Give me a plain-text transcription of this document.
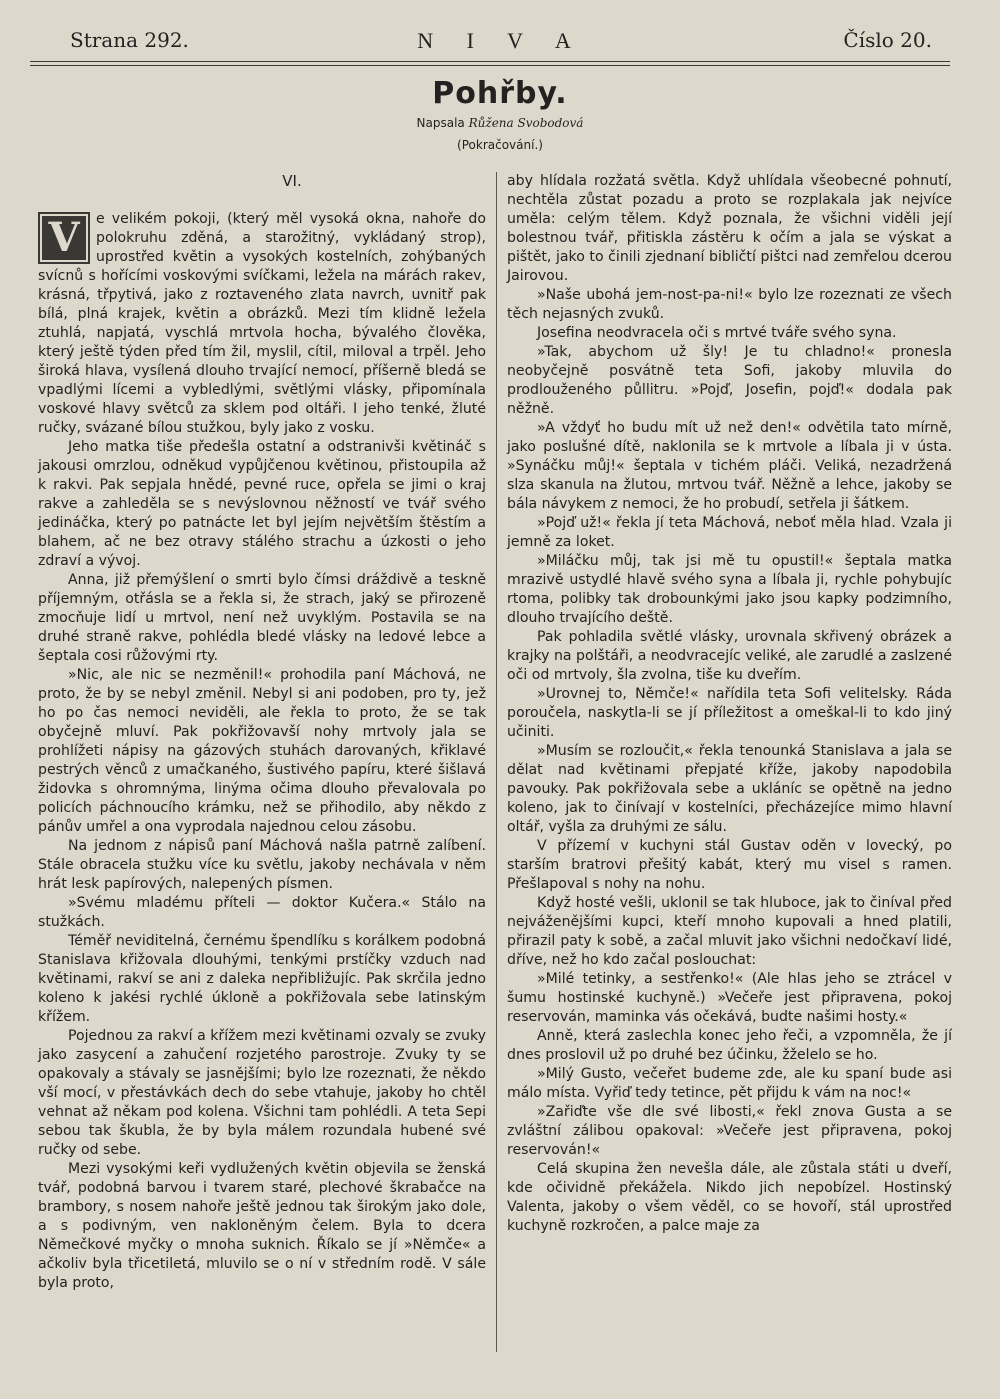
Strana 292.	N I V A	Číslo 20.
Pohřby.
Napsala Růžena Svobodová
(Pokračování.)
VI.

V	e velikém pokoji, (který měl vysoká okna, nahoře do polokruhu zděná, a starožitný, vykládaný strop), uprostřed květin a vysokých kostelních, zohýbaných svícnů s hořícími voskovými svíčkami, ležela na márách rakev, krásná, třpytivá, jako z roztaveného zlata navrch, uvnitř pak bílá, plná krajek, květin a obrázků. Mezi tím klidně ležela ztuhlá, napjatá, vyschlá mrtvola hocha, bývalého člověka, který ještě týden před tím žil, myslil, cítil, miloval a trpěl. Jeho široká hlava, vysílená dlouho trvající nemocí, příšerně bledá se vpadlými lícemi a vybledlými, světlými vlásky, připomínala voskové hlavy světců za sklem pod oltáři. I jeho tenké, žluté ručky, svázané bílou stužkou, byly jako z vosku.

Jeho matka tiše předešla ostatní a odstranivši květináč s jakousi omrzlou, odněkud vypůjčenou květinou, přistoupila až k rakvi. Pak sepjala hnědé, pevné ruce, opřela se jimi o kraj rakve a zahleděla se s nevýslovnou něžností ve tvář svého jedináčka, který po patnácte let byl jejím největším štěstím a blahem, ač ne bez otravy stálého strachu a úzkosti o jeho zdraví a vývoj.

Anna, již přemýšlení o smrti bylo čímsi dráždivě a teskně příjemným, otřásla se a řekla si, že strach, jaký se přirozeně zmocňuje lidí u mrtvol, není než uvyklým. Postavila se na druhé straně rakve, pohlédla bledé vlásky na ledové lebce a šeptala cosi růžovými rty.

»Nic, ale nic se nezměnil!« prohodila paní Máchová, ne proto, že by se nebyl změnil. Nebyl si ani podoben, pro ty, jež ho po čas nemoci neviděli, ale řekla to proto, že se tak obyčejně mluví. Pak pokřižovavší nohy mrtvoly jala se prohlížeti nápisy na gázových stuhách darovaných, křiklavé pestrých věnců z umačkaného, šustivého papíru, které šišlavá židovka s ohromnýma, linýma očima dlouho převalovala po policích páchnoucího krámku, než se přihodilo, aby někdo z pánův umřel a ona vyprodala najednou celou zásobu.

Na jednom z nápisů paní Máchová našla patrně zalíbení. Stále obracela stužku více ku světlu, jakoby nechávala v něm hrát lesk papírových, nalepených písmen.

»Svému mladému příteli — doktor Kučera.« Stálo na stužkách.

Téměř neviditelná, černému špendlíku s korálkem podobná Stanislava křižovala dlouhými, tenkými prstíčky vzduch nad květinami, rakví se ani z daleka nepřibližujíc. Pak skrčila jedno koleno k jakési rychlé úkloně a pokřižovala sebe latinským křížem.

Pojednou za rakví a křížem mezi květinami ozvaly se zvuky jako zasycení a zahučení rozjetého parostroje. Zvuky ty se opakovaly a stávaly se jasnějšími; bylo lze rozeznati, že někdo vší mocí, v přestávkách dech do sebe vtahuje, jakoby ho chtěl vehnat až někam pod kolena. Všichni tam pohlédli. A teta Sepi sebou tak škubla, že by byla málem rozundala hubené své ručky od sebe.

Mezi vysokými keři vydlužených květin objevila se ženská tvář, podobná barvou i tvarem staré, plechové škrabačce na brambory, s nosem nahoře ještě jednou tak širokým jako dole, a s podivným, ven nakloněným čelem. Byla to dcera Němečkové myčky o mnoha suknich. Říkalo se jí »Němče« a ačkoliv byla třicetiletá, mluvilo se o ní v středním rodě. V sále byla proto,

aby hlídala rozžatá světla. Když uhlídala všeobecné pohnutí, nechtěla zůstat pozadu a proto se rozplakala jak nejvíce uměla: celým tělem. Když poznala, že všichni viděli její bolestnou tvář, přitiskla zástěru k očím a jala se výskat a pištět, jako to činili zjednaní bibličtí pištci nad zemřelou dcerou Jairovou.

»Naše ubohá jem-nost-pa-ni!« bylo lze rozeznati ze všech těch nejasných zvuků.

Josefina neodvracela oči s mrtvé tváře svého syna.

»Tak, abychom už šly! Je tu chladno!« pronesla neobyčejně posvátně teta Sofi, jakoby mluvila do prodlouženého půllitru. »Pojď, Josefin, pojď!« dodala pak něžně.

»A vždyť ho budu mít už než den!« odvětila tato mírně, jako poslušné dítě, naklonila se k mrtvole a líbala ji v ústa. »Synáčku můj!« šeptala v tichém pláči. Veliká, nezadržená slza skanula na žlutou, mrtvou tvář. Něžně a lehce, jakoby se bála návykem z nemoci, že ho probudí, setřela ji šátkem.

»Pojď už!« řekla jí teta Máchová, neboť měla hlad. Vzala ji jemně za loket.

»Miláčku můj, tak jsi mě tu opustil!« šeptala matka mrazivě ustydlé hlavě svého syna a líbala ji, rychle pohybujíc rtoma, polibky tak drobounkými jako jsou kapky podzimního, dlouho trvajícího deště.

Pak pohladila světlé vlásky, urovnala skřivený obrázek a krajky na polštáři, a neodvracejíc veliké, ale zarudlé a zaslzené oči od mrtvoly, šla zvolna, tiše ku dveřím.

»Urovnej to, Němče!« nařídila teta Sofi velitelsky. Ráda poroučela, naskytla-li se jí příležitost a omeškal-li to kdo jiný učiniti.

»Musím se rozloučit,« řekla tenounká Stanislava a jala se dělat nad květinami přepjaté kříže, jakoby napodobila pavouky. Pak pokřižovala sebe a ukláníc se opětně na jedno koleno, jak to činívají v kostelníci, přecházejíce mimo hlavní oltář, vyšla za druhými ze sálu.

V přízemí v kuchyni stál Gustav oděn v lovecký, po starším bratrovi přešitý kabát, který mu visel s ramen. Přešlapoval s nohy na nohu.

Když hosté vešli, uklonil se tak hluboce, jak to činíval před nejváženějšími kupci, kteří mnoho kupovali a hned platili, přirazil paty k sobě, a začal mluvit jako všichni nedočkaví lidé, dříve, než ho kdo začal poslouchat:

»Milé tetinky, a sestřenko!« (Ale hlas jeho se ztrácel v šumu hostinské kuchyně.) »Večeře jest připravena, pokoj reservován, maminka vás očekává, budte našimi hosty.«

Anně, která zaslechla konec jeho řeči, a vzpomněla, že jí dnes proslovil už po druhé bez účinku, žželelo se ho.

»Milý Gusto, večeřet budeme zde, ale ku spaní bude asi málo místa. Vyřiď tedy tetince, pět přijdu k vám na noc!«

»Zařiďte vše dle své libosti,« řekl znova Gusta a se zvláštní zálibou opakoval: »Večeře jest připravena, pokoj reservován!«

Celá skupina žen nevešla dále, ale zůstala státi u dveří, kde očividně překážela. Nikdo jich nepobízel. Hostinský Valenta, jakoby o všem věděl, co se hovoří, stál uprostřed kuchyně rozkročen, a palce maje za
